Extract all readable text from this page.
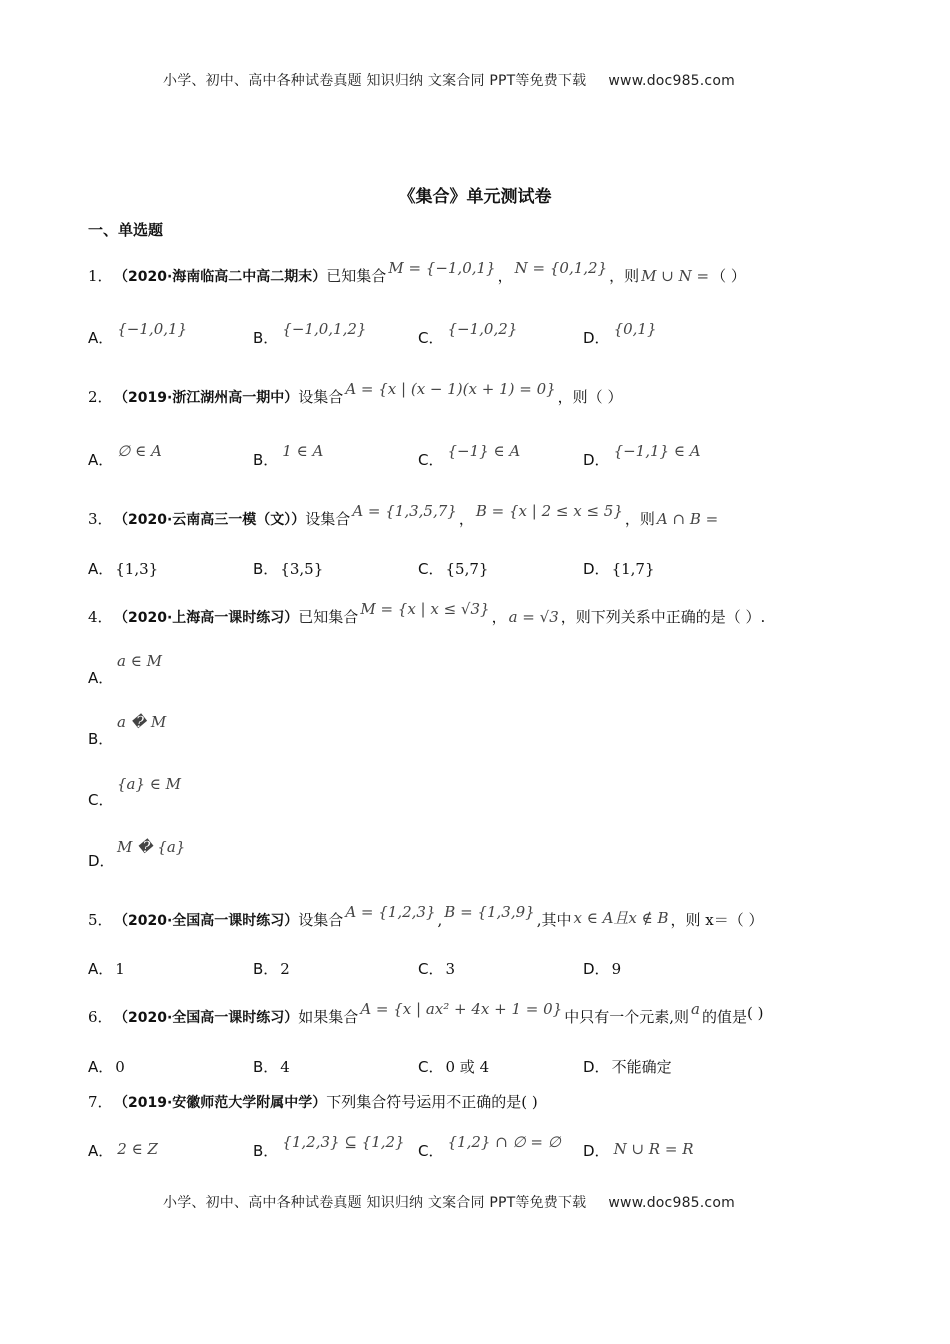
小学、初中、高中各种试卷真题 知识归纳 文案合同 PPT等免费下载 www.doc985.com
《集合》单元测试卷
一、单选题
1．（2020·海南临高二中高二期末）已知集合 M = {−1,0,1} ， N = {0,1,2} ，则 M ∪ N = （ ）
A． {−1,0,1}	B． {−1,0,1,2}	C． {−1,0,2}	D． {0,1}
2．（2019·浙江湖州高一期中）设集合 A = {x | (x − 1)(x + 1) = 0} ，则（ ）
A． ∅ ∈ A	B． 1 ∈ A	C． {−1} ∈ A	D． {−1,1} ∈ A
3．（2020·云南高三一模（文））设集合 A = {1,3,5,7} ， B = {x | 2 ≤ x ≤ 5} ，则 A ∩ B =
A． {1,3}	B． {3,5}	C． {5,7}	D． {1,7}
4．（2020·上海高一课时练习）已知集合 M = {x | x ≤ √3} ， a = √3 ，则下列关系中正确的是（ ）.
a ∈ M
A．
a � M
B．
{a} ∈ M
C．
M � {a}
D．
5．（2020·全国高一课时练习）设集合 A = {1,2,3} , B = {1,3,9} ,其中 x ∈ A且x ∉ B ，则 x＝（ ）
A． 1	B． 2	C． 3	D． 9
6．（2020·全国高一课时练习）如果集合 A = {x | ax² + 4x + 1 = 0} 中只有一个元素,则 a 的值是( )
A． 0	B． 4	C． 0 或 4	D． 不能确定
7．（2019·安徽师范大学附属中学）下列集合符号运用不正确的是( )
A． 2 ∈ Z	B． {1,2,3} ⊆ {1,2} C． {1,2} ∩ ∅ = ∅ D． N ∪ R = R
小学、初中、高中各种试卷真题 知识归纳 文案合同 PPT等免费下载 www.doc985.com
